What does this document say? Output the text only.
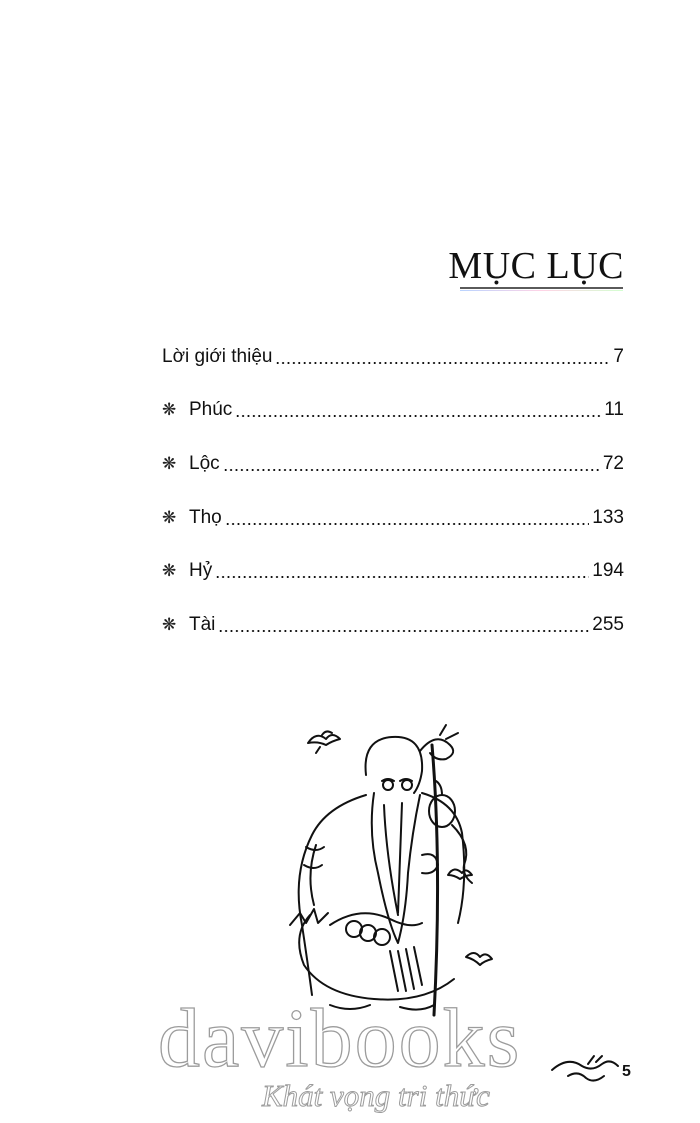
MỤC LỤC
Lời giới thiệu	7
❋ Phúc	11
❋ Lộc	72
❋ Thọ	133
❋ Hỷ	194
❋ Tài	255
davibooks
Khát vọng tri thức
5
